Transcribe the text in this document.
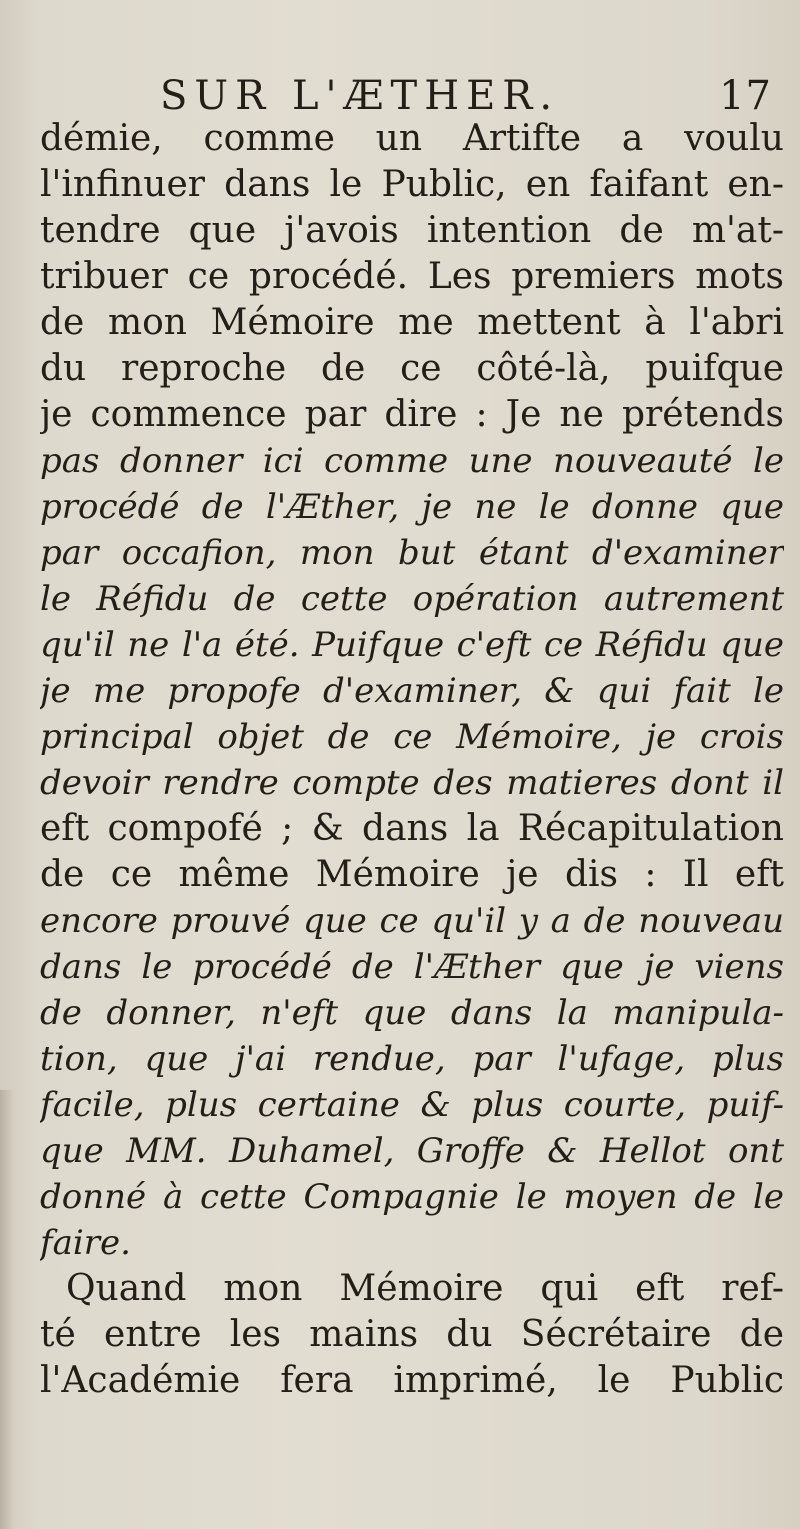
SUR L'ÆTHER.	17
démie, comme un Artifte a voulu
l'infinuer dans le Public, en faifant en-
tendre que j'avois intention de m'at-
tribuer ce procédé. Les premiers mots
de mon Mémoire me mettent à l'abri
du reproche de ce côté-là, puifque
je commence par dire : Je ne prétends
pas donner ici comme une nouveauté le
procédé de l'Æther, je ne le donne que
par occafion, mon but étant d'examiner
le Réfidu de cette opération autrement
qu'il ne l'a été. Puifque c'eft ce Réfidu que
je me propofe d'examiner, & qui fait le
principal objet de ce Mémoire, je crois
devoir rendre compte des matieres dont il
eft compofé ; & dans la Récapitulation
de ce même Mémoire je dis : Il eft
encore prouvé que ce qu'il y a de nouveau
dans le procédé de l'Æther que je viens
de donner, n'eft que dans la manipula-
tion, que j'ai rendue, par l'ufage, plus
facile, plus certaine & plus courte, puif-
que MM. Duhamel, Groffe & Hellot ont
donné à cette Compagnie le moyen de le
faire.
Quand mon Mémoire qui eft ref-
té entre les mains du Sécrétaire de
l'Académie fera imprimé, le Public
